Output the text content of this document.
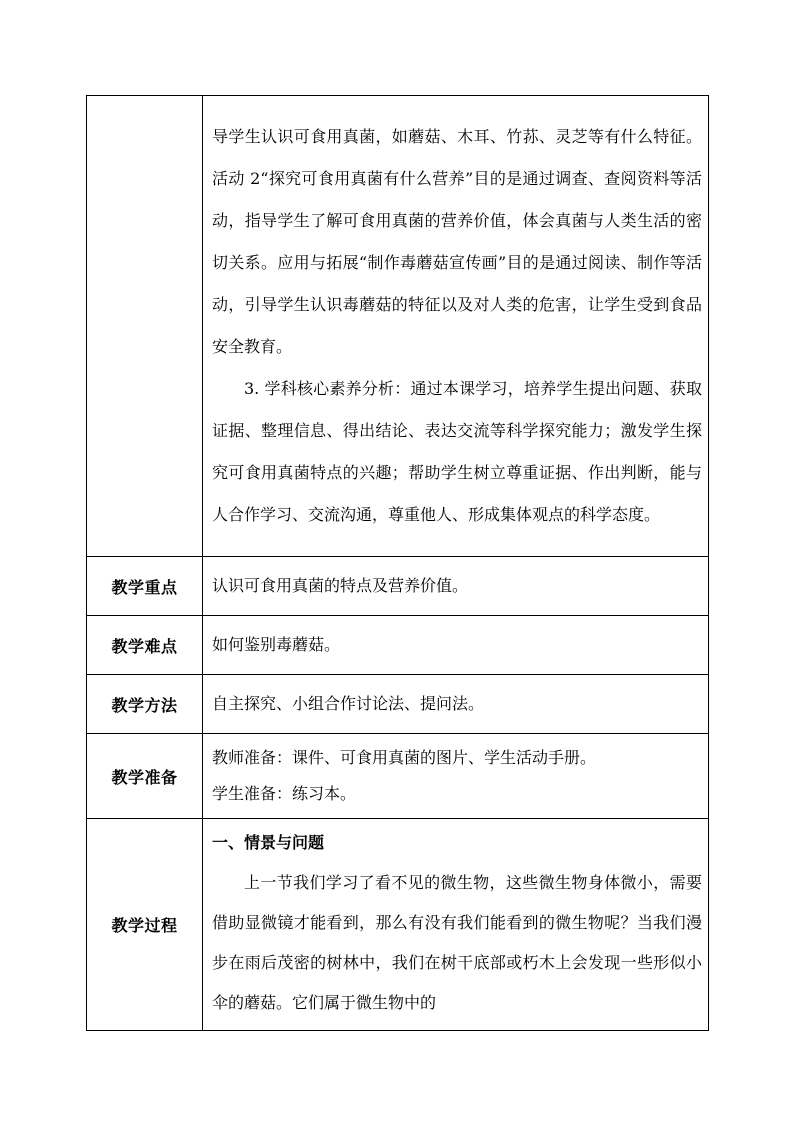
	导学生认识可食用真菌，如蘑菇、木耳、竹荪、灵芝等有什么特征。活动 2“探究可食用真菌有什么营养”目的是通过调查、查阅资料等活动，指导学生了解可食用真菌的营养价值，体会真菌与人类生活的密切关系。应用与拓展“制作毒蘑菇宣传画”目的是通过阅读、制作等活动，引导学生认识毒蘑菇的特征以及对人类的危害，让学生受到食品安全教育。

3. 学科核心素养分析：通过本课学习，培养学生提出问题、获取证据、整理信息、得出结论、表达交流等科学探究能力；激发学生探究可食用真菌特点的兴趣；帮助学生树立尊重证据、作出判断，能与人合作学习、交流沟通，尊重他人、形成集体观点的科学态度。

教学重点	认识可食用真菌的特点及营养价值。
教学难点	如何鉴别毒蘑菇。
教学方法	自主探究、小组合作讨论法、提问法。
教学准备	教师准备：课件、可食用真菌的图片、学生活动手册。

学生准备：练习本。

教学过程	一、情景与问题

上一节我们学习了看不见的微生物，这些微生物身体微小，需要借助显微镜才能看到，那么有没有我们能看到的微生物呢？当我们漫步在雨后茂密的树林中，我们在树干底部或朽木上会发现一些形似小伞的蘑菇。它们属于微生物中的
